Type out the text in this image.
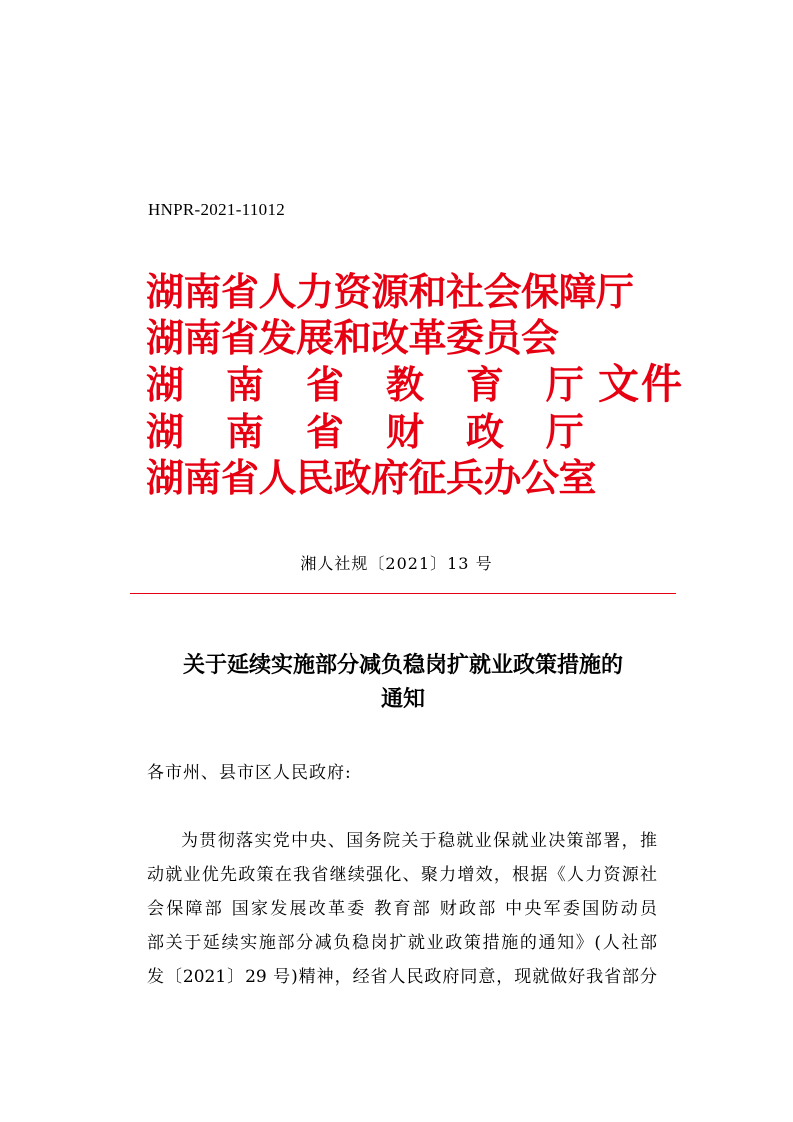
HNPR-2021-11012
湖南省人力资源和社会保障厅
湖南省发展和改革委员会
湖 南 省 教 育 厅
湖 南 省 财 政 厅
湖南省人民政府征兵办公室
文件
湘人社规〔2021〕13 号
关于延续实施部分减负稳岗扩就业政策措施的
通知
各市州、县市区人民政府:
为贯彻落实党中央、国务院关于稳就业保就业决策部署，推
动就业优先政策在我省继续强化、聚力增效，根据《人力资源社
会保障部 国家发展改革委 教育部 财政部 中央军委国防动员
部关于延续实施部分减负稳岗扩就业政策措施的通知》(人社部
发〔2021〕29 号)精神，经省人民政府同意，现就做好我省部分
